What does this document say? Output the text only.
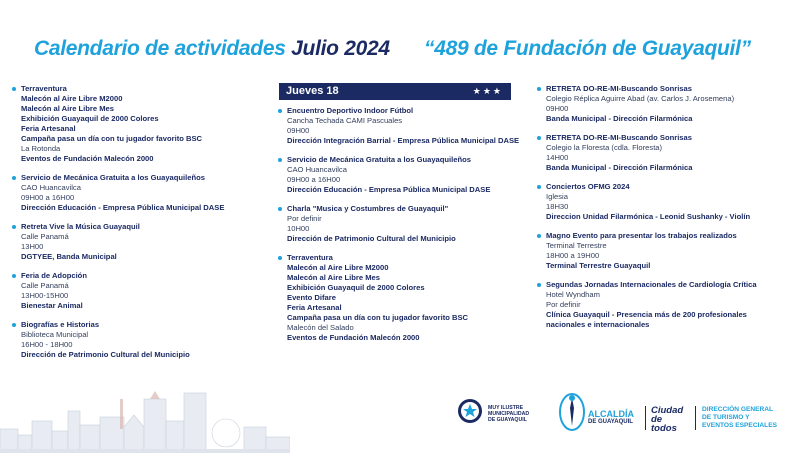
Calendario de actividades Julio 2024 “489 de Fundación de Guayaquil”
Jueves 18	★★★
Terraventura
Malecón al Aire Libre M2000
Malecón al Aire Libre Mes
Exhibición Guayaquil de 2000 Colores
Feria Artesanal
Campaña pasa un día con tu jugador favorito BSC
La Rotonda
Eventos de Fundación Malecón 2000
Servicio de Mecánica Gratuita a los Guayaquileños
CAO Huancavilca
09H00 a 16H00
Dirección Educación - Empresa Pública Municipal DASE
Retreta Vive la Música Guayaquil
Calle Panamá
13H00
DGTYEE, Banda Municipal
Feria de Adopción
Calle Panamá
13H00-15H00
Bienestar Animal
Biografías e Historias
Biblioteca Municipal
16H00 - 18H00
Dirección de Patrimonio Cultural del Municipio
Encuentro Deportivo Indoor Fútbol
Cancha Techada CAMI Pascuales
09H00
Dirección Integración Barrial - Empresa Pública Municipal DASE
Servicio de Mecánica Gratuita a los Guayaquileños
CAO Huancavilca
09H00 a 16H00
Dirección Educación - Empresa Pública Municipal DASE
Charla "Musica y Costumbres de Guayaquil"
Por definir
10H00
Dirección de Patrimonio Cultural del Municipio
Terraventura
Malecón al Aire Libre M2000
Malecón al Aire Libre Mes
Exhibición Guayaquil de 2000 Colores
Evento Difare
Feria Artesanal
Campaña pasa un día con tu jugador favorito BSC
Malecón del Salado
Eventos de Fundación Malecón 2000
RETRETA DO-RE-MI-Buscando Sonrisas
Colegio Réplica Aguirre Abad (av. Carlos J. Arosemena)
09H00
Banda Municipal - Dirección Filarmónica
RETRETA DO-RE-MI-Buscando Sonrisas
Colegio la Floresta (cdla. Floresta)
14H00
Banda Municipal - Dirección Filarmónica
Conciertos OFMG 2024
Iglesia
18H30
Direccion Unidad Filarmónica - Leonid Sushanky - Violín
Magno Evento para presentar los trabajos realizados
Terminal Terrestre
18H00 a 19H00
Terminal Terrestre Guayaquil
Segundas Jornadas Internacionales de Cardiología Crítica
Hotel Wyndham
Por definir
Clínica Guayaquil - Presencia más de 200 profesionales
nacionales e internacionales
MUY ILUSTRE
MUNICIPALIDAD
DE GUAYAQUIL
ALCALDÍA
DE GUAYAQUIL
Ciudad de todos
DIRECCIÓN GENERAL
DE TURISMO Y
EVENTOS ESPECIALES
